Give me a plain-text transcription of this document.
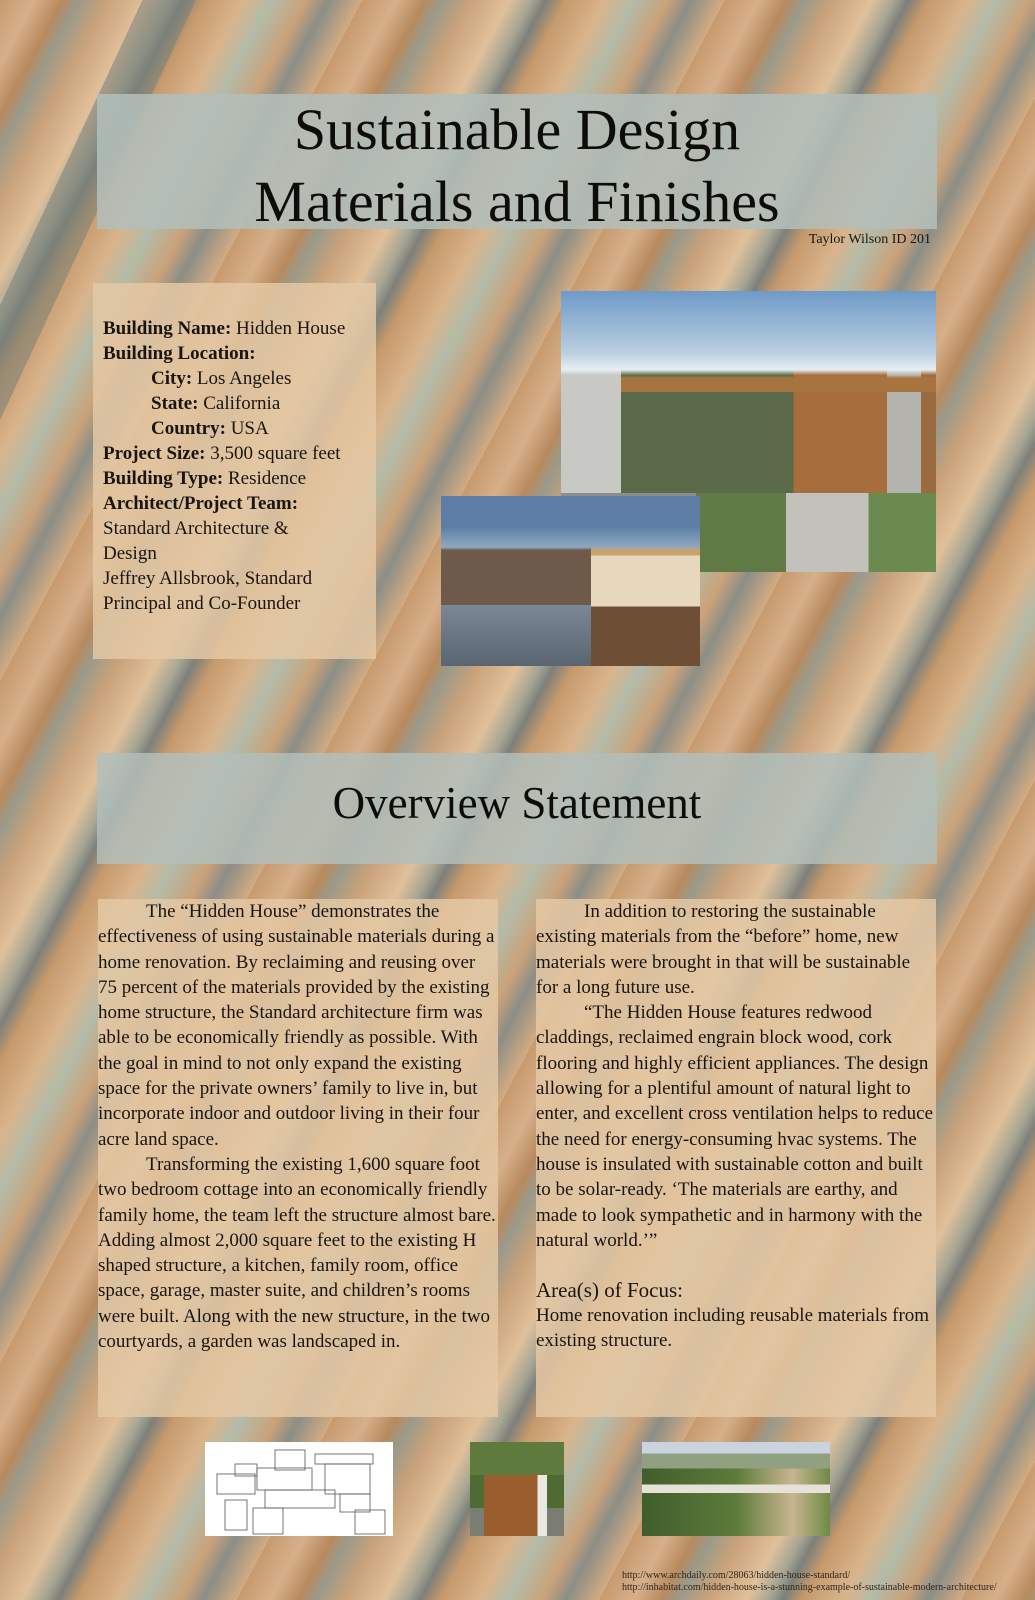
Sustainable Design
Materials and Finishes
Taylor Wilson ID 201
Building Name: Hidden House
Building Location:
City: Los Angeles
State: California
Country: USA
Project Size: 3,500 square feet
Building Type: Residence
Architect/Project Team:
Standard Architecture &
Design
Jeffrey Allsbrook, Standard
Principal and Co-Founder
Overview Statement

The “Hidden House” demonstrates the effectiveness of using sustainable materials during a home renovation. By reclaiming and reusing over 75 percent of the materials provided by the existing home structure, the Standard architecture firm was able to be economically friendly as possible. With the goal in mind to not only expand the existing space for the private owners’ family to live in, but incorporate indoor and outdoor living in their four acre land space.

Transforming the existing 1,600 square foot two bedroom cottage into an economically friendly family home, the team left the structure almost bare. Adding almost 2,000 square feet to the existing H shaped structure, a kitchen, family room, office space, garage, master suite, and children’s rooms were built. Along with the new structure, in the two courtyards, a garden was landscaped in.

In addition to restoring the sustainable existing materials from the “before” home, new materials were brought in that will be sustainable for a long future use.

“The Hidden House features redwood claddings, reclaimed engrain block wood, cork flooring and highly efficient appliances. The design allowing for a plentiful amount of natural light to enter, and excellent cross ventilation helps to reduce the need for energy-consuming hvac systems. The house is insulated with sustainable cotton and built to be solar-ready. ‘The materials are earthy, and made to look sympathetic and in harmony with the natural world.’”

Area(s) of Focus:
Home renovation including reusable materials from existing structure.
http://www.archdaily.com/28063/hidden-house-standard/
http://inhabitat.com/hidden-house-is-a-stunning-example-of-sustainable-modern-architecture/
